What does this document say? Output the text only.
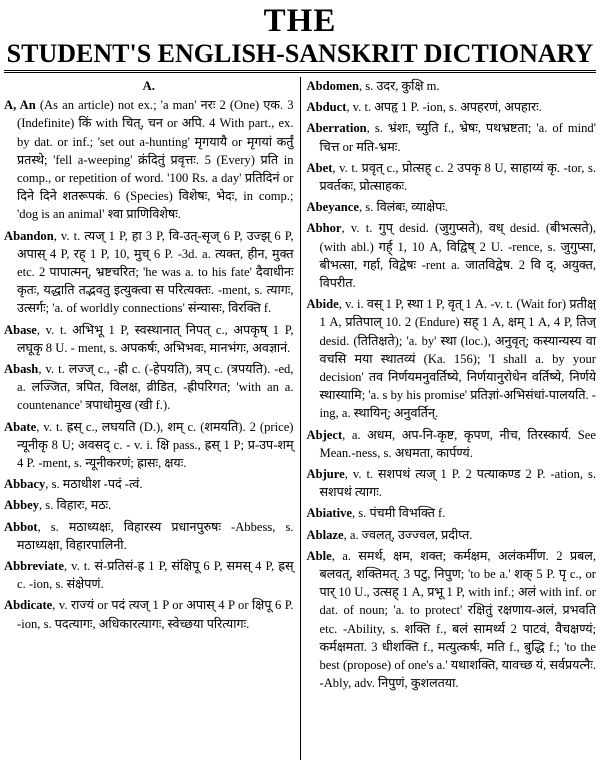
THE
STUDENT'S ENGLISH-SANSKRIT DICTIONARY
A.

A, An (As an article) not ex.; 'a man' नरः 2 (One) एक. 3 (Indefinite) किं with चित्, चन or अपि. 4 With part., ex. by dat. or inf.; 'set out a-hunting' मृगयायै or मृगयां कर्तुं प्रतस्थे; 'fell a-weeping' क्रंदितुं प्रवृत्तः. 5 (Every) प्रति in comp., or repetition of word. '100 Rs. a day' प्रतिदिनं or दिने दिने शतरूपकं. 6 (Species) विशेषः, भेदः, in comp.; 'dog is an animal' श्वा प्राणिविशेषः.

Abandon, v. t. त्यज् 1 P, हा 3 P, वि-उत्-सृज् 6 P, उज्झ् 6 P, अपास् 4 P, रह् 1 P, 10, मुच् 6 P. -3d. a. त्यक्त, हीन, मुक्त etc. 2 पापात्मन्, भ्रष्टचरित; 'he was a. to his fate' दैवाधीनः कृतः, यद्धाति तद्भवतु इत्युक्त्वा स परित्यक्तः. -ment, s. त्यागः, उत्सर्गः; 'a. of worldly connections' संन्यासः, विरक्ति f.

Abase, v. t. अभिभू 1 P, स्वस्थानात् निपत् c., अपकृष् 1 P, लघूकृ 8 U. - ment, s. अपकर्षः, अभिभवः, मानभंगः, अवज्ञानं.

Abash, v. t. लज्ज् c., -ह्री c. (-हेपयति), त्रप् c. (त्रपयति). -ed, a. लज्जित, त्रपित, विलक्ष, व्रीडित, -ह्रीपरिगत; 'with an a. countenance' त्रपाधोमुख (खी f.).

Abate, v. t. ह्रस् c., लघयति (D.), शम् c. (शमयति). 2 (price) न्यूनीकृ 8 U; अवसद् c. - v. i. क्षि pass., ह्रस् 1 P; प्र-उप-शम् 4 P. -ment, s. न्यूनीकरणं; ह्रासः, क्षयः.

Abbacy, s. मठाधीश -पदं -त्वं.

Abbey, s. विहारः, मठः.

Abbot, s. मठाध्यक्षः, विहारस्य प्रधानपुरुषः -Abbess, s. मठाध्यक्षा, विहारपालिनी.

Abbreviate, v. t. सं-प्रतिसं-ह्र 1 P, संक्षिपू 6 P, समस् 4 P, ह्रस् c. -ion, s. संक्षेपणं.

Abdicate, v. राज्यं or पदं त्यज् 1 P or अपास् 4 P or क्षिपू 6 P. -ion, s. पदत्यागः, अधिकारत्यागः, स्वेच्छया परित्यागः.

Abdomen, s. उदर, कुक्षि m.

Abduct, v. t. अपहृ 1 P. -ion, s. अपहरणं, अपहारः.

Aberration, s. भ्रंशः, च्युति f., भ्रेषः, पथभ्रष्टता; 'a. of mind' चित्त or मति-भ्रमः.

Abet, v. t. प्रवृत् c., प्रोत्सह् c. 2 उपकृ 8 U, साहाय्यं कृ. -tor, s. प्रवर्तकः, प्रोत्साहकः.

Abeyance, s. विलंबः, व्याक्षेपः.

Abhor, v. t. गुप् desid. (जुगुप्सते), वध् desid. (बीभत्सते), (with abl.) गर्ह् 1, 10 A, विद्विष् 2 U. -rence, s. जुगुप्सा, बीभत्सा, गर्हा, विद्वेषः -rent a. जातविद्वेष. 2 वि द्, अयुक्त, विपरीत.

Abide, v. i. वस् 1 P, स्था 1 P, वृत् 1 A. -v. t. (Wait for) प्रतीक्ष् 1 A, प्रतिपाल् 10. 2 (Endure) सह् 1 A, क्षम् 1 A, 4 P, तिज् desid. (तितिक्षते); 'a. by' स्था (loc.), अनुवृत्; कस्यान्यस्य वा वचसि मया स्थातव्यं (Ka. 156); 'I shall a. by your decision' तव निर्णयमनुवर्तिष्ये, निर्णयानुरोधेन वर्तिष्ये, निर्णये स्थास्यामि; 'a. s by his promise' प्रतिज्ञां-अभिसंधां-पालयति. -ing, a. स्थायिन्; अनुवर्तिन्.

Abject, a. अधम, अप-नि-कृष्ट, कृपण, नीच, तिरस्कार्य. See Mean.-ness, s. अधमता, कार्पण्यं.

Abjure, v. t. सशपथं त्यज् 1 P. 2 पत्याकण्ड 2 P. -ation, s. सशपथं त्यागः.

Abiative, s. पंचमी विभक्ति f.

Ablaze, a. ज्वलत्, उज्ज्वल, प्रदीप्त.

Able, a. समर्थ, क्षम, शक्त; कर्मक्षम, अलंकर्मीण. 2 प्रबल, बलवत्, शक्तिमत्. 3 पटु, निपुण; 'to be a.' शक् 5 P. पृ c., or पार् 10 U., उत्सह् 1 A, प्रभू 1 P, with inf.; अलं with inf. or dat. of noun; 'a. to protect' रक्षितुं रक्षणाय-अलं, प्रभवति etc. -Ability, s. शक्ति f., बलं सामर्थ्य 2 पाटवं, वैचक्षण्यं; कर्मक्षमता. 3 धीशक्ति f., मत्युत्कर्षः, मति f., बुद्धि f.; 'to the best (propose) of one's a.' यथाशक्ति, यावच्छ यं, सर्वप्रयत्नैः. -Ably, adv. निपुणं, कुशलतया.
